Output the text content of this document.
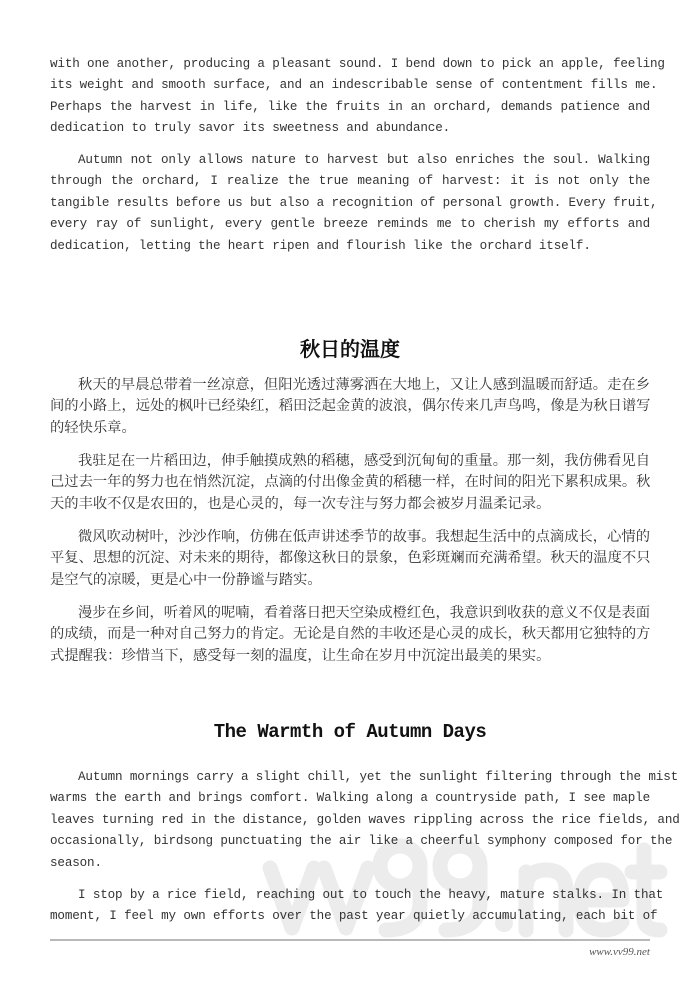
with one another, producing a pleasant sound. I bend down to pick an apple, feeling
its weight and smooth surface, and an indescribable sense of contentment fills me.
Perhaps the harvest in life, like the fruits in an orchard, demands patience and
dedication to truly savor its sweetness and abundance.
Autumn not only allows nature to harvest but also enriches the soul. Walking
through the orchard, I realize the true meaning of harvest: it is not only the
tangible results before us but also a recognition of personal growth. Every fruit,
every ray of sunlight, every gentle breeze reminds me to cherish my efforts and
dedication, letting the heart ripen and flourish like the orchard itself.
秋日的温度
秋天的早晨总带着一丝凉意，但阳光透过薄雾洒在大地上，又让人感到温暖而舒适。走在乡
间的小路上，远处的枫叶已经染红，稻田泛起金黄的波浪，偶尔传来几声鸟鸣，像是为秋日谱写
的轻快乐章。
我驻足在一片稻田边，伸手触摸成熟的稻穗，感受到沉甸甸的重量。那一刻，我仿佛看见自
己过去一年的努力也在悄然沉淀，点滴的付出像金黄的稻穗一样，在时间的阳光下累积成果。秋
天的丰收不仅是农田的，也是心灵的，每一次专注与努力都会被岁月温柔记录。
微风吹动树叶，沙沙作响，仿佛在低声讲述季节的故事。我想起生活中的点滴成长，心情的
平复、思想的沉淀、对未来的期待，都像这秋日的景象，色彩斑斓而充满希望。秋天的温度不只
是空气的凉暖，更是心中一份静谧与踏实。
漫步在乡间，听着风的呢喃，看着落日把天空染成橙红色，我意识到收获的意义不仅是表面
的成绩，而是一种对自己努力的肯定。无论是自然的丰收还是心灵的成长，秋天都用它独特的方
式提醒我：珍惜当下，感受每一刻的温度，让生命在岁月中沉淀出最美的果实。
The Warmth of Autumn Days
Autumn mornings carry a slight chill, yet the sunlight filtering through the mist
warms the earth and brings comfort. Walking along a countryside path, I see maple
leaves turning red in the distance, golden waves rippling across the rice fields, and
occasionally, birdsong punctuating the air like a cheerful symphony composed for the
season.
I stop by a rice field, reaching out to touch the heavy, mature stalks. In that
moment, I feel my own efforts over the past year quietly accumulating, each bit of
www.vv99.net
